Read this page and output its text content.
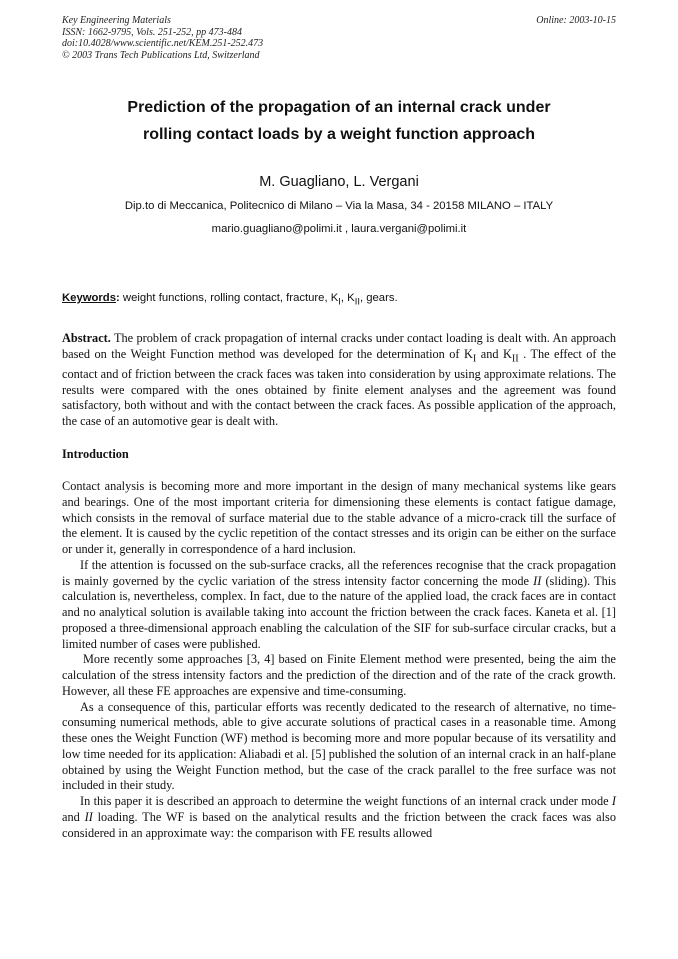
Key Engineering Materials
ISSN: 1662-9795, Vols. 251-252, pp 473-484
doi:10.4028/www.scientific.net/KEM.251-252.473
© 2003 Trans Tech Publications Ltd, Switzerland
Online: 2003-10-15
Prediction of the propagation of an internal crack under
rolling contact loads by a weight function approach
M. Guagliano, L. Vergani
Dip.to di Meccanica, Politecnico di Milano – Via la Masa, 34 - 20158 MILANO – ITALY
mario.guagliano@polimi.it , laura.vergani@polimi.it
Keywords: weight functions, rolling contact, fracture, $K_I$, $K_{II}$, gears.

Abstract. The problem of crack propagation of internal cracks under contact loading is dealt with. An approach based on the Weight Function method was developed for the determination of $K_I$ and $K_{II}$ . The effect of the contact and of friction between the crack faces was taken into consideration by using approximate relations. The results were compared with the ones obtained by finite element analyses and the agreement was found satisfactory, both without and with the contact between the crack faces. As possible application of the approach, the case of an automotive gear is dealt with.

Introduction

Contact analysis is becoming more and more important in the design of many mechanical systems like gears and bearings. One of the most important criteria for dimensioning these elements is contact fatigue damage, which consists in the removal of surface material due to the stable advance of a micro-crack till the surface of the element. It is caused by the cyclic repetition of the contact stresses and its origin can be either on the surface or under it, generally in correspondence of a hard inclusion.

If the attention is focussed on the sub-surface cracks, all the references recognise that the crack propagation is mainly governed by the cyclic variation of the stress intensity factor concerning the mode II (sliding). This calculation is, nevertheless, complex. In fact, due to the nature of the applied load, the crack faces are in contact and no analytical solution is available taking into account the friction between the crack faces. Kaneta et al. [1] proposed a three-dimensional approach enabling the calculation of the SIF for sub-surface circular cracks, but a limited number of cases were published.

More recently some approaches [3, 4] based on Finite Element method were presented, being the aim the calculation of the stress intensity factors and the prediction of the direction and of the rate of the crack growth. However, all these FE approaches are expensive and time-consuming.

As a consequence of this, particular efforts was recently dedicated to the research of alternative, no time-consuming numerical methods, able to give accurate solutions of practical cases in a reasonable time. Among these ones the Weight Function (WF) method is becoming more and more popular because of its versatility and low time needed for its application: Aliabadi et al. [5] published the solution of an internal crack in an half-plane obtained by using the Weight Function method, but the case of the crack parallel to the free surface was not included in their study.

In this paper it is described an approach to determine the weight functions of an internal crack under mode I and II loading. The WF is based on the analytical results and the friction between the crack faces was also considered in an approximate way: the comparison with FE results allowed
